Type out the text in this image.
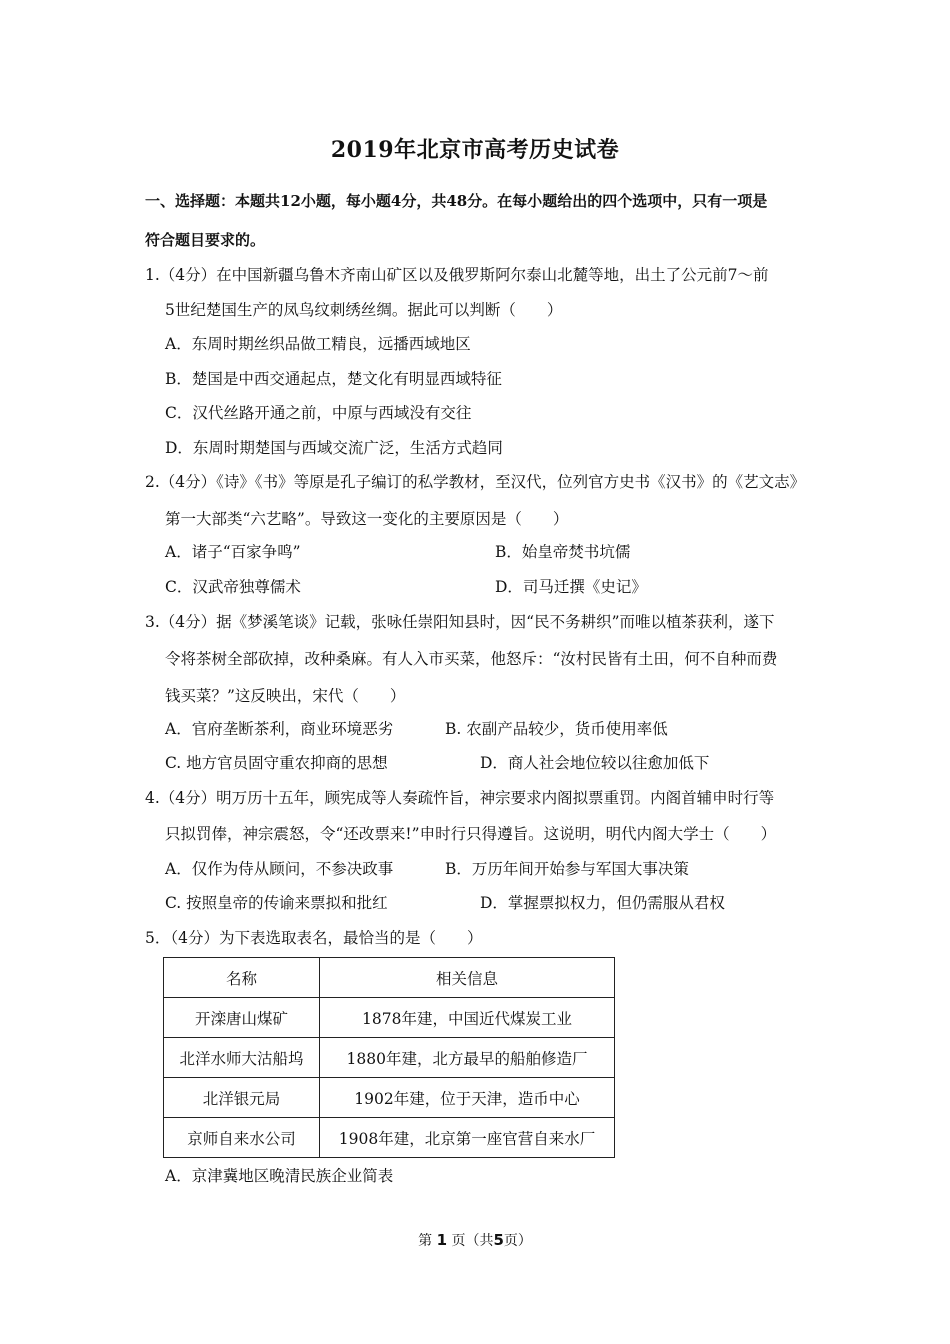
2019年北京市高考历史试卷
一、选择题：本题共12小题，每小题4分，共48分。在每小题给出的四个选项中，只有一项是
符合题目要求的。
1.（4分）在中国新疆乌鲁木齐南山矿区以及俄罗斯阿尔泰山北麓等地，出土了公元前7～前
5世纪楚国生产的凤鸟纹刺绣丝绸。据此可以判断（　　）
A．东周时期丝织品做工精良，远播西域地区
B．楚国是中西交通起点，楚文化有明显西域特征
C．汉代丝路开通之前，中原与西域没有交往
D．东周时期楚国与西域交流广泛，生活方式趋同
2.（4分）《诗》《书》等原是孔子编订的私学教材，至汉代，位列官方史书《汉书》的《艺文志》
第一大部类“六艺略”。导致这一变化的主要原因是（　　）
A．诸子“百家争鸣”	B．始皇帝焚书坑儒
C．汉武帝独尊儒术	D．司马迁撰《史记》
3.（4分）据《梦溪笔谈》记载，张咏任崇阳知县时，因“民不务耕织”而唯以植茶获利，遂下
令将茶树全部砍掉，改种桑麻。有人入市买菜，他怒斥：“汝村民皆有土田，何不自种而费
钱买菜？”这反映出，宋代（　　）
A．官府垄断茶利，商业环境恶劣	B. 农副产品较少，货币使用率低
C. 地方官员固守重农抑商的思想	D．商人社会地位较以往愈加低下
4.（4分）明万历十五年，顾宪成等人奏疏忤旨，神宗要求内阁拟票重罚。内阁首辅申时行等
只拟罚俸，神宗震怒，令“还改票来!”申时行只得遵旨。这说明，明代内阁大学士（　　）
A．仅作为侍从顾问，不参决政事	B．万历年间开始参与军国大事决策
C. 按照皇帝的传谕来票拟和批红	D．掌握票拟权力，但仍需服从君权
5．（4分）为下表选取表名，最恰当的是（　　）
名称	相关信息
开滦唐山煤矿	1878年建，中国近代煤炭工业
北洋水师大沽船坞	1880年建，北方最早的船舶修造厂
北洋银元局	1902年建，位于天津，造币中心
京师自来水公司	1908年建，北京第一座官营自来水厂
A．京津冀地区晚清民族企业简表
第 1 页（共5页）
